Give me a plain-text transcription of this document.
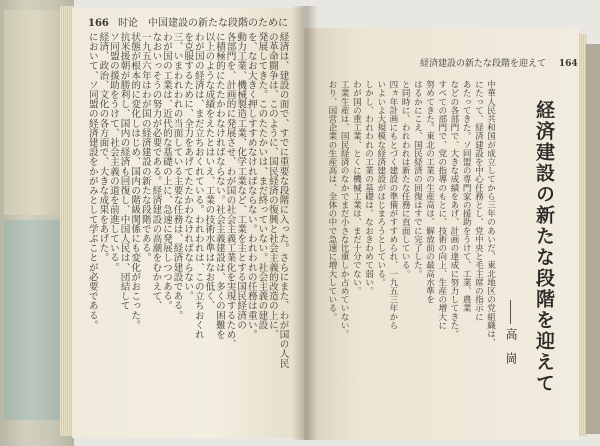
166 时论　中国建設の新たな段階のために
経済建設の新たな段階を迎えて 164
経済は、建設の面で、すでに重要な段階に入った。さらにまた、わが国の人民
の革命闘争は、このように、国民経済の復興と社会主義的改造の上に、
発展してきた。このたたかいは、まだ終っていない。社会主義の建設
を、なお大きく押しすすめなければならない。われわれの任務は重い。
動力工業、機械製造工業、化学工業など、工業を主とする国民経済の
各部門を、計画的に発展させ、わが国の社会主義工業化を実現するため、
に積極的にたたかわなければならない。社会主義建設は、多くの困難を
以上のような成績をえたとはいえ、工業の技術水準はなお低く、
わが国の経済は、まだ立ちおくれている。われわれは、この立ちおくれ
を克服するために、全力をあげてたたかわなければならない。
三、いまわれわれの当面している主要な任務は、経済建設である。
わが国の工業は、近代的な基礎の上に、急速に発展しつつある。
なおいっそうの努力が必要である。経済建設の高潮をむかえて、
一九五六年はわが国の経済建設の新たな段階である。
状態が根本的に変化しはじめ、国内の階級関係にも変化がおこった。
抗米援朝が勝利し、国内の経済も回復し、中国人民は、団結して
ソ同盟の援助をうけて、社会主義の道を前進している。
経済、政治、文化の各方面で、大きな成果をあげた。
において、ソ同盟の経済建設をかがみとして学ぶことが必要である。	中華人民共和国が成立してから三年のあいだ、東北地区の党組織は、
にたって、経済建設を中心任務とし、党中央と毛主席の指示に
あたってきた。ソ同盟の専門家の援助をうけて、工業、農業
などの各部門で、大きな成績をあげ、計画の達成に努力してきた。
すべての部門で、党の指導のもとに、技術の向上、生産の増大に
努めてきた。東北の工業の生産高は、解放前の最高水準を
はるかにこえ、国民経済の回復はすでに完了した。
と同時に、われわれは新たな任務に直面している。
四ヵ年計画にもとづく建設の準備がすすめられ、一九五三年から
いよいよ大規模な経済建設がはじまろうとしている。
しかし、われわれの工業の基礎は、なおきわめて弱い。
わが国の重工業、とくに機械工業は、まだ十分でない。
工業生産は、国民経済のなかでまだ小さな比重しか占めていない。
おり、国営企業の生産高は、全体の中で急速に増大している。	経済建設の新たな段階を迎えて
―― 高　崗
